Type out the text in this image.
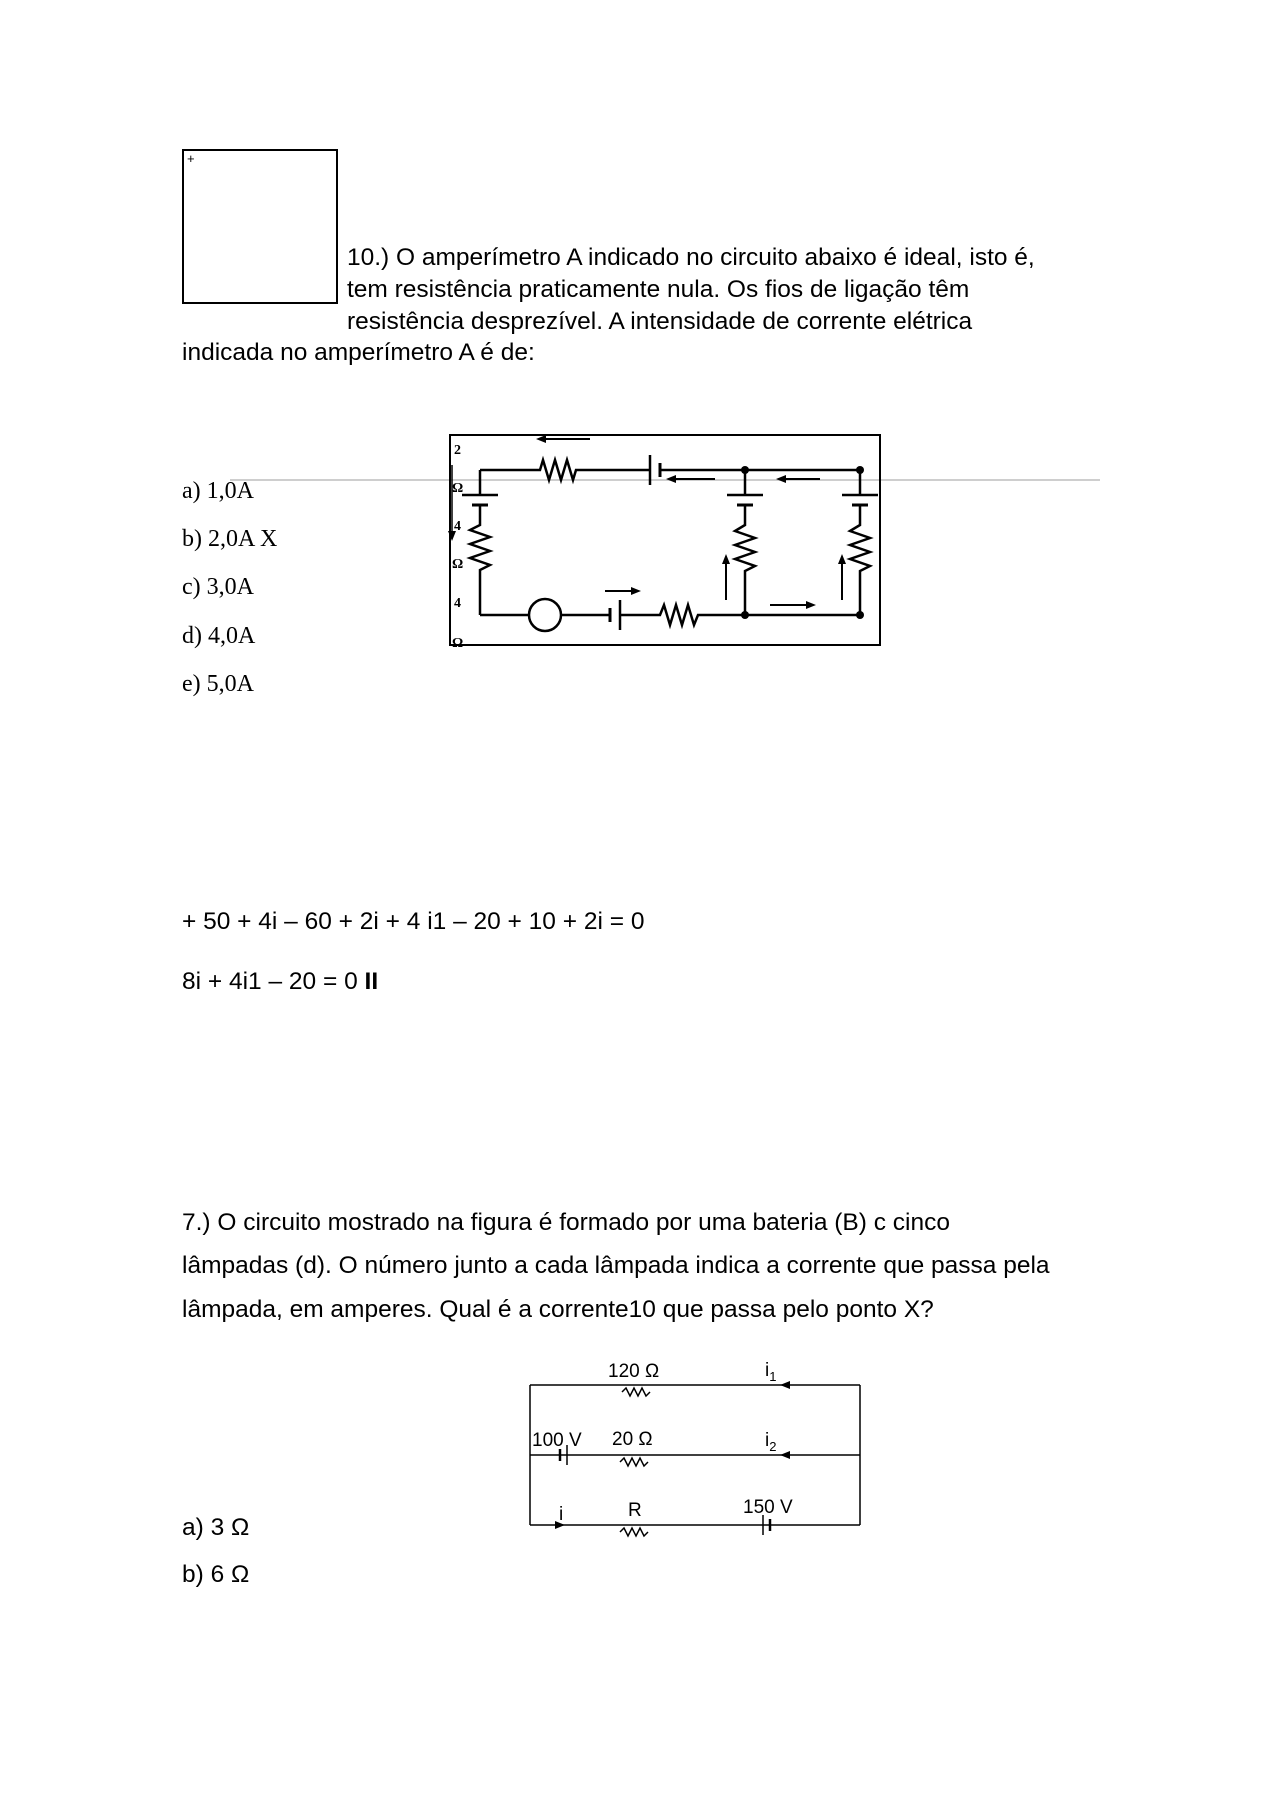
+
10.) O amperímetro A indicado no circuito abaixo é ideal, isto é,
tem resistência praticamente nula. Os fios de ligação têm
resistência desprezível. A intensidade de corrente elétrica
indicada no amperímetro A é de:
a) 1,0A
b) 2,0A X
c) 3,0A
d) 4,0A
e) 5,0A
2
Ω
4
Ω
4
Ω
+ 50 + 4i – 60 + 2i + 4 i1 – 20 + 10 + 2i = 0
8i + 4i1 – 20 = 0 II
7.) O circuito mostrado na figura é formado por uma bateria (B) c cinco
lâmpadas (d). O número junto a cada lâmpada indica a corrente que passa pela
lâmpada, em amperes. Qual é a corrente10 que passa pelo ponto X?
120 Ω	$i_1$
100 V 20 Ω	$i_2$
i	R	150 V
a) 3 Ω
b) 6 Ω
